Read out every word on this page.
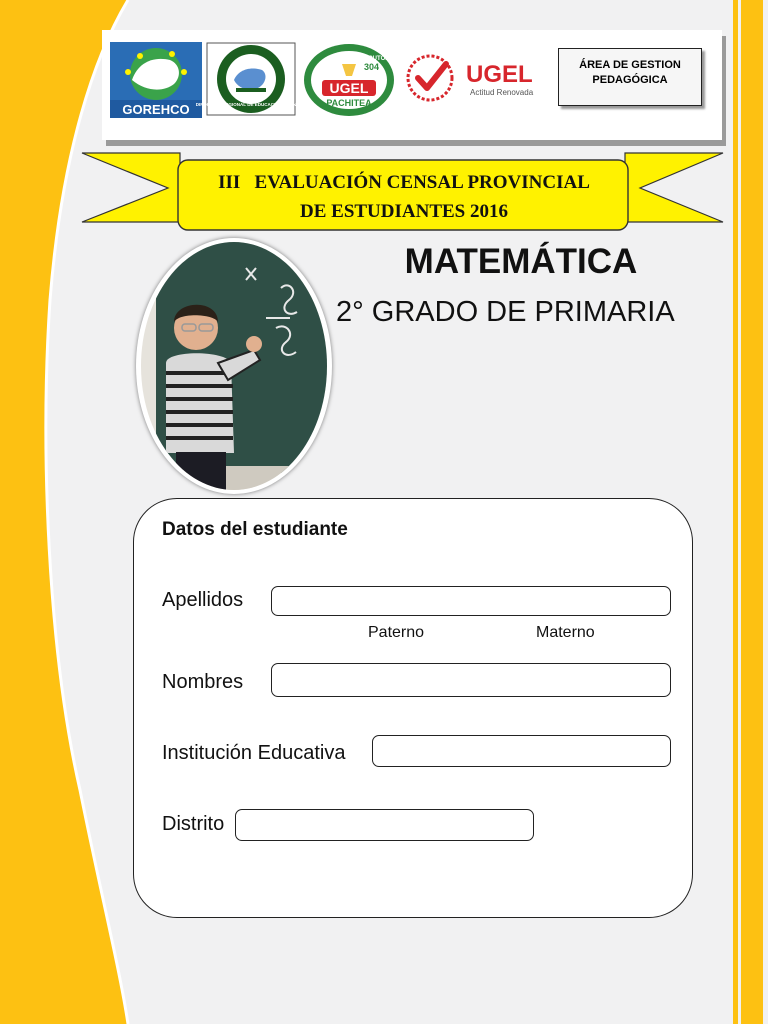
GOREHCO DIRECCIÓN REGIONAL DE EDUCACIÓN HUÁNUCO
UNIDAD EJECUTORA
304
UGEL
PACHITEA
UGEL
Actitud Renovada
ÁREA DE GESTION
PEDAGÓGICA
III   EVALUACIÓN CENSAL PROVINCIAL
DE ESTUDIANTES 2016
MATEMÁTICA
2° GRADO DE PRIMARIA
Datos del estudiante
Apellidos
Paterno	Materno
Nombres
Institución Educativa
Distrito
